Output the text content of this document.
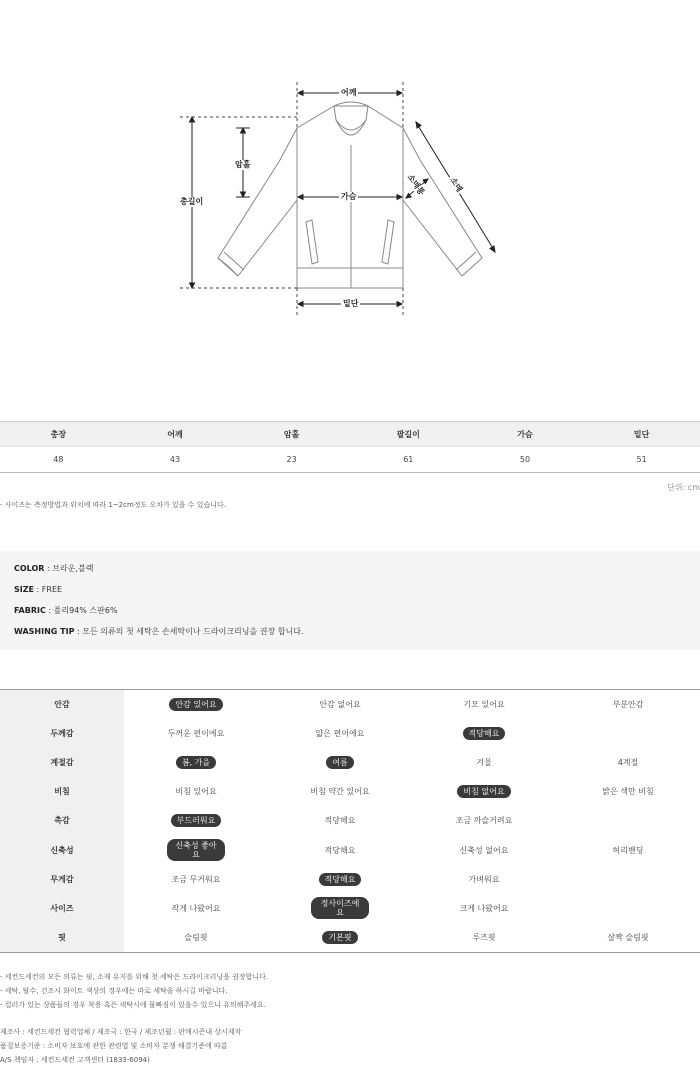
어깨
암홀
총길이
가슴	소매통	소매
밑단
총장	어깨	암홀	팔길이	가슴	밑단
48	43	23	61	50	51
단위: cm
- 사이즈는 측정방법과 위치에 따라 1~2cm정도 오차가 있을 수 있습니다.
COLOR : 브라운,블랙
SIZE : FREE
FABRIC : 폴리94% 스판6%
WASHING TIP : 모든 의류의 첫 세탁은 손세탁이나 드라이크리닝을 권장 합니다.
안감	안감 있어요	안감 없어요	기모 있어요	부분안감
두께감	두꺼운 편이에요	얇은 편이에요	적당해요	
계절감	봄, 가을	여름	겨울	4계절
비침	비침 있어요	비침 약간 있어요	비침 없어요	밝은 색만 비침
촉감	부드러워요	적당해요	조금 까슬거려요	
신축성	신축성 좋아요	적당해요	신축성 없어요	허리밴딩
무게감	조금 무거워요	적당해요	가벼워요	
사이즈	작게 나왔어요	정사이즈에요	크게 나왔어요	
핏	슬림핏	기본핏	루즈핏	살짝 슬림핏
- 세컨드세컨의 모든 의류는 핏, 소재 유지를 위해 첫 세탁은 드라이크리닝을 권장합니다.
- 세탁, 탈수, 건조시 화이트 색상의 경우에는 따로 세탁을 하시길 바랍니다.
- 컬러가 있는 상품들의 경우 착용 혹은 세탁시에 물빠짐이 있을수 있으니 유의해주세요.
제조사 : 세컨드세컨 협력업체 / 제조국 : 한국 / 제조년월 : 판매시즌내 상시제작
품질보증기준 : 소비자 보호에 관한 관련법 및 소비자 분쟁 해결기준에 따름
A/S 책임자 : 세컨드세컨 고객센터 (1833-6094)
